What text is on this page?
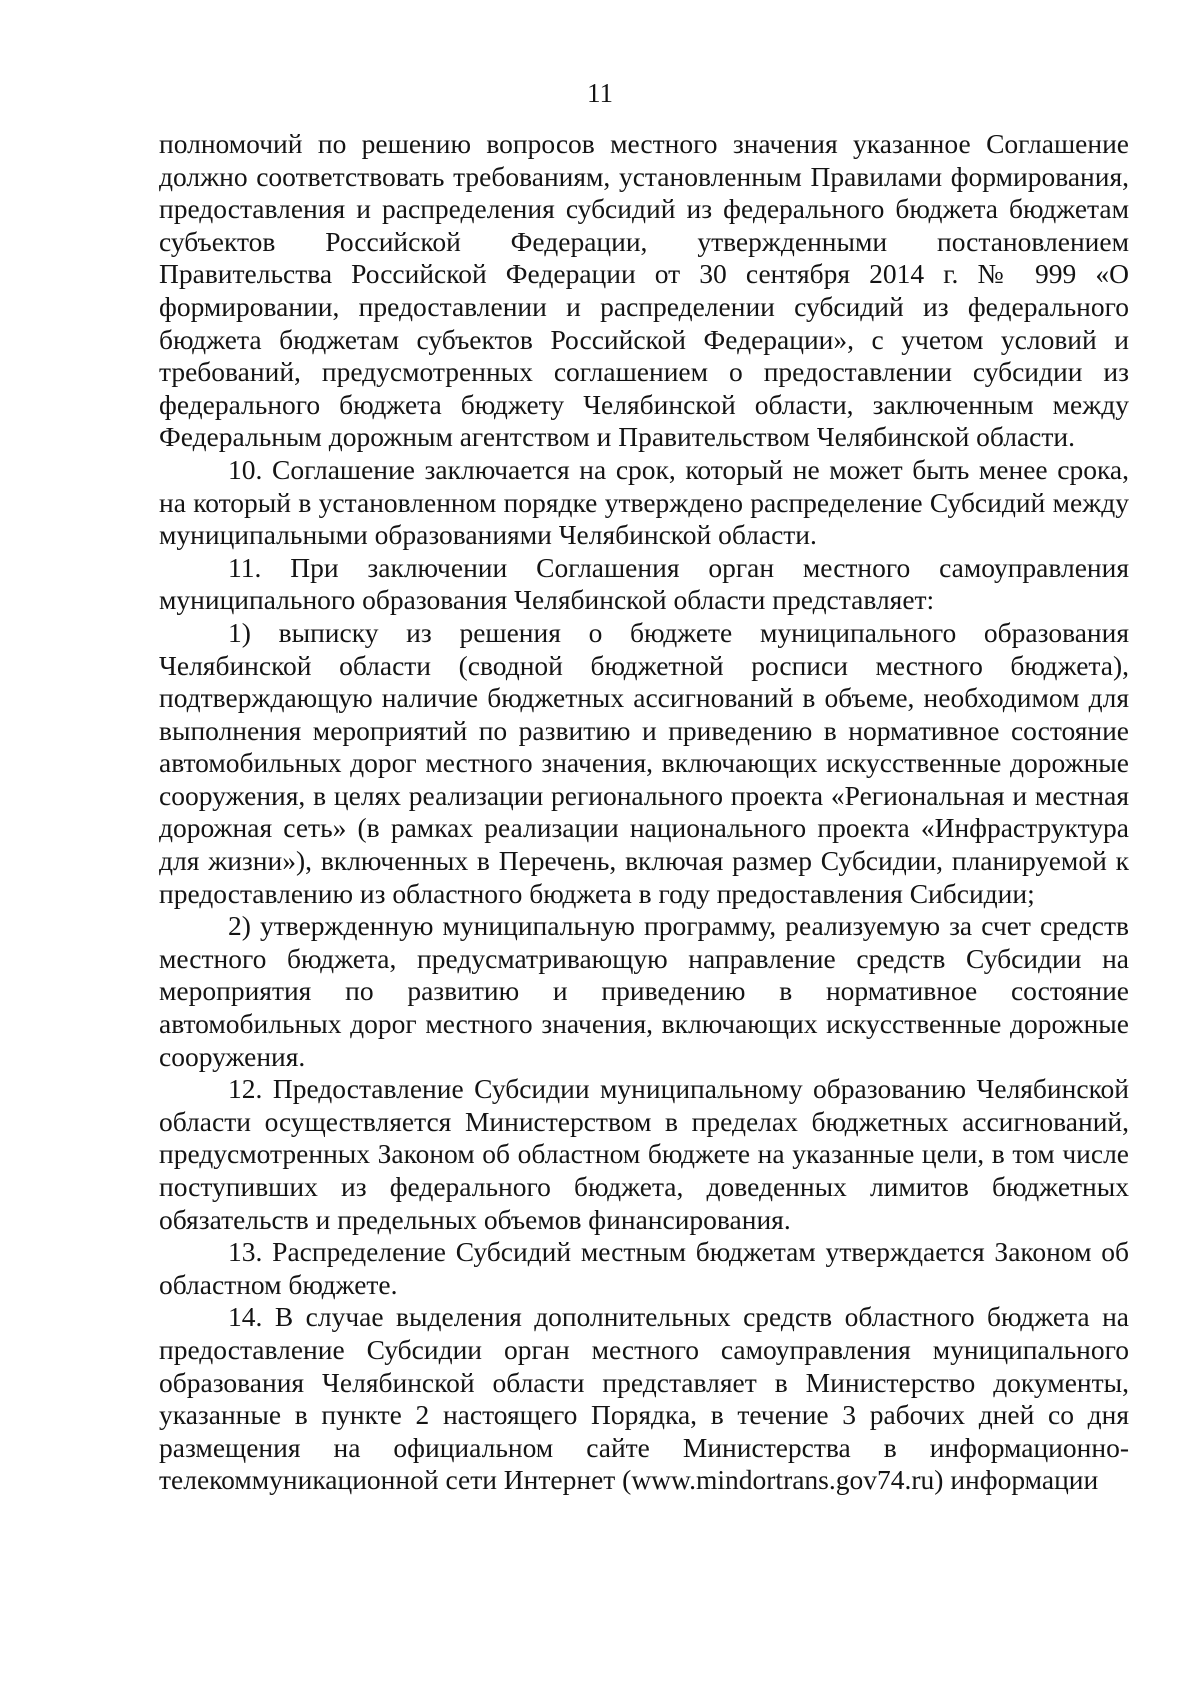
11

полномочий по решению вопросов местного значения указанное Соглашение должно соответствовать требованиям, установленным Правилами формирования, предоставления и распределения субсидий из федерального бюджета бюджетам субъектов Российской Федерации, утвержденными постановлением Правительства Российской Федерации от 30 сентября 2014 г. № 999 «О формировании, предоставлении и распределении субсидий из федерального бюджета бюджетам субъектов Российской Федерации», с учетом условий и требований, предусмотренных соглашением о предоставлении субсидии из федерального бюджета бюджету Челябинской области, заключенным между Федеральным дорожным агентством и Правительством Челябинской области.

10. Соглашение заключается на срок, который не может быть менее срока, на который в установленном порядке утверждено распределение Субсидий между муниципальными образованиями Челябинской области.

11. При заключении Соглашения орган местного самоуправления муниципального образования Челябинской области представляет:

1) выписку из решения о бюджете муниципального образования Челябинской области (сводной бюджетной росписи местного бюджета), подтверждающую наличие бюджетных ассигнований в объеме, необходимом для выполнения мероприятий по развитию и приведению в нормативное состояние автомобильных дорог местного значения, включающих искусственные дорожные сооружения, в целях реализации регионального проекта «Региональная и местная дорожная сеть» (в рамках реализации национального проекта «Инфраструктура для жизни»), включенных в Перечень, включая размер Субсидии, планируемой к предоставлению из областного бюджета в году предоставления Сибсидии;

2) утвержденную муниципальную программу, реализуемую за счет средств местного бюджета, предусматривающую направление средств Субсидии на мероприятия по развитию и приведению в нормативное состояние автомобильных дорог местного значения, включающих искусственные дорожные сооружения.

12. Предоставление Субсидии муниципальному образованию Челябинской области осуществляется Министерством в пределах бюджетных ассигнований, предусмотренных Законом об областном бюджете на указанные цели, в том числе поступивших из федерального бюджета, доведенных лимитов бюджетных обязательств и предельных объемов финансирования.

13. Распределение Субсидий местным бюджетам утверждается Законом об областном бюджете.

14. В случае выделения дополнительных средств областного бюджета на предоставление Субсидии орган местного самоуправления муниципального образования Челябинской области представляет в Министерство документы, указанные в пункте 2 настоящего Порядка, в течение 3 рабочих дней со дня размещения на официальном сайте Министерства в информационно-телекоммуникационной сети Интернет (www.mindortrans.gov74.ru) информации
